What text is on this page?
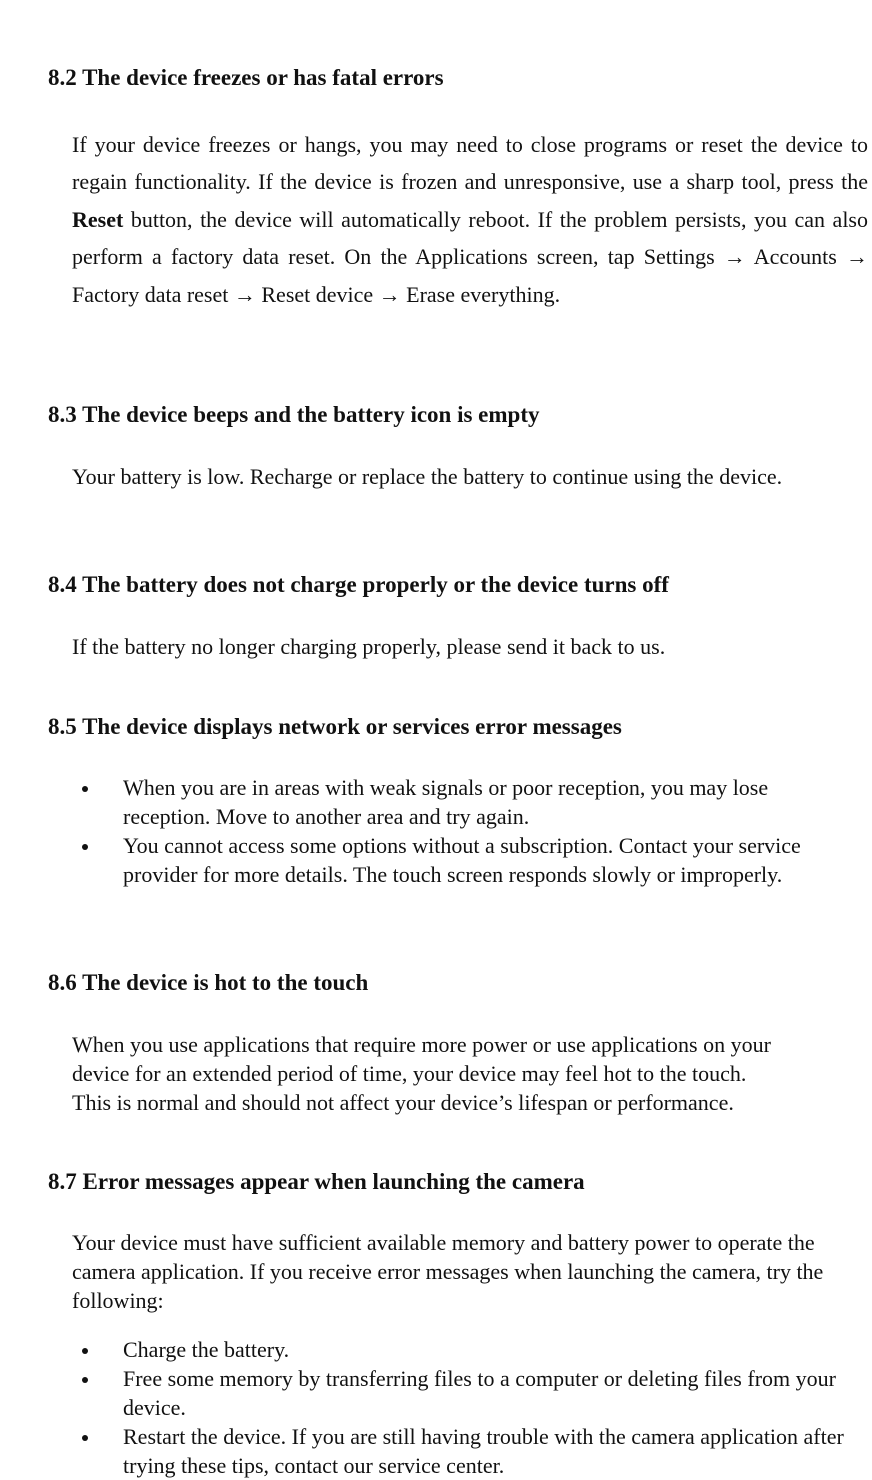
8.2 The device freezes or has fatal errors

If your device freezes or hangs, you may need to close programs or reset the device to regain functionality. If the device is frozen and unresponsive, use a sharp tool, press the Reset button, the device will automatically reboot. If the problem persists, you can also perform a factory data reset. On the Applications screen, tap Settings → Accounts → Factory data reset → Reset device → Erase everything.

8.3 The device beeps and the battery icon is empty

Your battery is low. Recharge or replace the battery to continue using the device.

8.4 The battery does not charge properly or the device turns off

If the battery no longer charging properly, please send it back to us.

8.5 The device displays network or services error messages
When you are in areas with weak signals or poor reception, you may lose reception. Move to another area and try again.
You cannot access some options without a subscription. Contact your service provider for more details. The touch screen responds slowly or improperly.
8.6 The device is hot to the touch

When you use applications that require more power or use applications on your
device for an extended period of time, your device may feel hot to the touch.
This is normal and should not affect your device’s lifespan or performance.

8.7 Error messages appear when launching the camera

Your device must have sufficient available memory and battery power to operate the camera application. If you receive error messages when launching the camera, try the following:

Charge the battery.
Free some memory by transferring files to a computer or deleting files from your device.
Restart the device. If you are still having trouble with the camera application after trying these tips, contact our service center.
